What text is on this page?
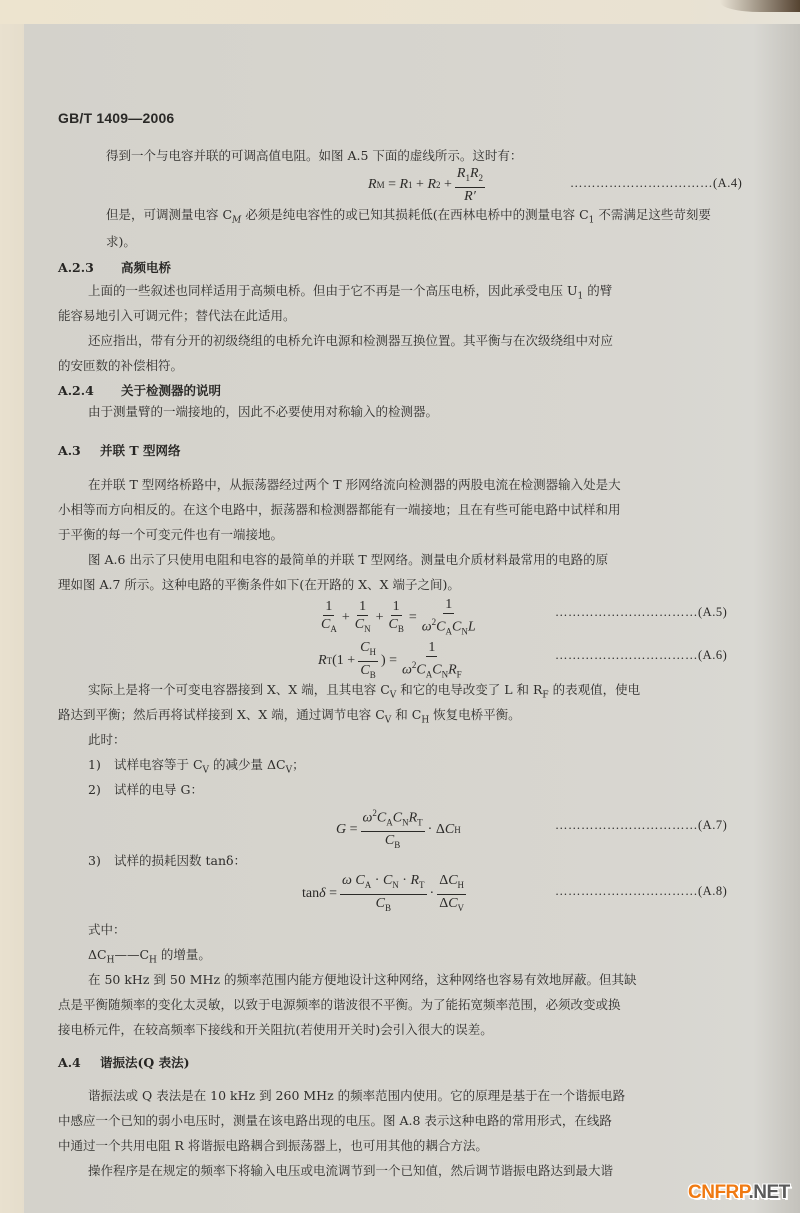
GB/T 1409—2006
得到一个与电容并联的可调高值电阻。如图 A.5 下面的虚线所示。这时有：
R M = R 1 + R $2 + \frac{R_1R_2}{R'}$	……………………………(A.4)
但是，可调测量电容 $C_M$ 必须是纯电容性的或已知其损耗低(在西林电桥中的测量电容 $C_1$ 不需满足这些苛刻要
求)。
A.2.3 高频电桥
上面的一些叙述也同样适用于高频电桥。但由于它不再是一个高压电桥，因此承受电压 $U_1$ 的臂
能容易地引入可调元件；替代法在此适用。
还应指出，带有分开的初级绕组的电桥允许电源和检测器互换位置。其平衡与在次级绕组中对应
的安匝数的补偿相符。
A.2.4 关于检测器的说明
由于测量臂的一端接地的，因此不必要使用对称输入的检测器。
A.3 并联 T 型网络
在并联 T 型网络桥路中，从振荡器经过两个 T 形网络流向检测器的两股电流在检测器输入处是大
小相等而方向相反的。在这个电路中，振荡器和检测器都能有一端接地；且在有些可能电路中试样和用
于平衡的每一个可变元件也有一端接地。
图 A.6 出示了只使用电阻和电容的最简单的并联 T 型网络。测量电介质材料最常用的电路的原
理如图 A.7 所示。这种电路的平衡条件如下(在开路的 X、X 端子之间)。
$\frac{1}{C_A} + \frac{1}{C_N} + \frac{1}{C_B} = \frac{1}{\omega^2C_AC_NL}$	……………………………(A.5)
R T ($1 + \frac{C_H}{C_B}$ ) = $\frac{1}{\omega^2C_AC_NR_F}$	……………………………(A.6)
实际上是将一个可变电容器接到 X、X 端，且其电容 $C_V$ 和它的电导改变了 L 和 $R_F$ 的表观值，使电
路达到平衡；然后再将试样接到 X、X 端，通过调节电容 $C_V$ 和 $C_H$ 恢复电桥平衡。
此时：
1) 试样电容等于 $C_V$ 的减少量 $\Delta C_V$；
2) 试样的电导 G：
$G = \frac{\omega^2C_AC_NR_T}{C_B} \cdot \Delta$ C H	……………………………(A.7)
3) 试样的损耗因数 tanδ：
$\tan \delta = \frac{\omega C_A \cdot C_N \cdot R_T}{C_B} \cdot \frac{\Delta C_H}{\Delta C_V}$	……………………………(A.8)
式中：
$\Delta C_H——C_H$ 的增量。
在 50 kHz 到 50 MHz 的频率范围内能方便地设计这种网络，这种网络也容易有效地屏蔽。但其缺
点是平衡随频率的变化太灵敏，以致于电源频率的谐波很不平衡。为了能拓宽频率范围，必须改变或换
接电桥元件，在较高频率下接线和开关阻抗(若使用开关时)会引入很大的误差。
A.4 谐振法(Q 表法)
谐振法或 Q 表法是在 10 kHz 到 260 MHz 的频率范围内使用。它的原理是基于在一个谐振电路
中感应一个已知的弱小电压时，测量在该电路出现的电压。图 A.8 表示这种电路的常用形式，在线路
中通过一个共用电阻 R 将谐振电路耦合到振荡器上，也可用其他的耦合方法。
操作程序是在规定的频率下将输入电压或电流调节到一个已知值，然后调节谐振电路达到最大谐
CNFRP.NET
